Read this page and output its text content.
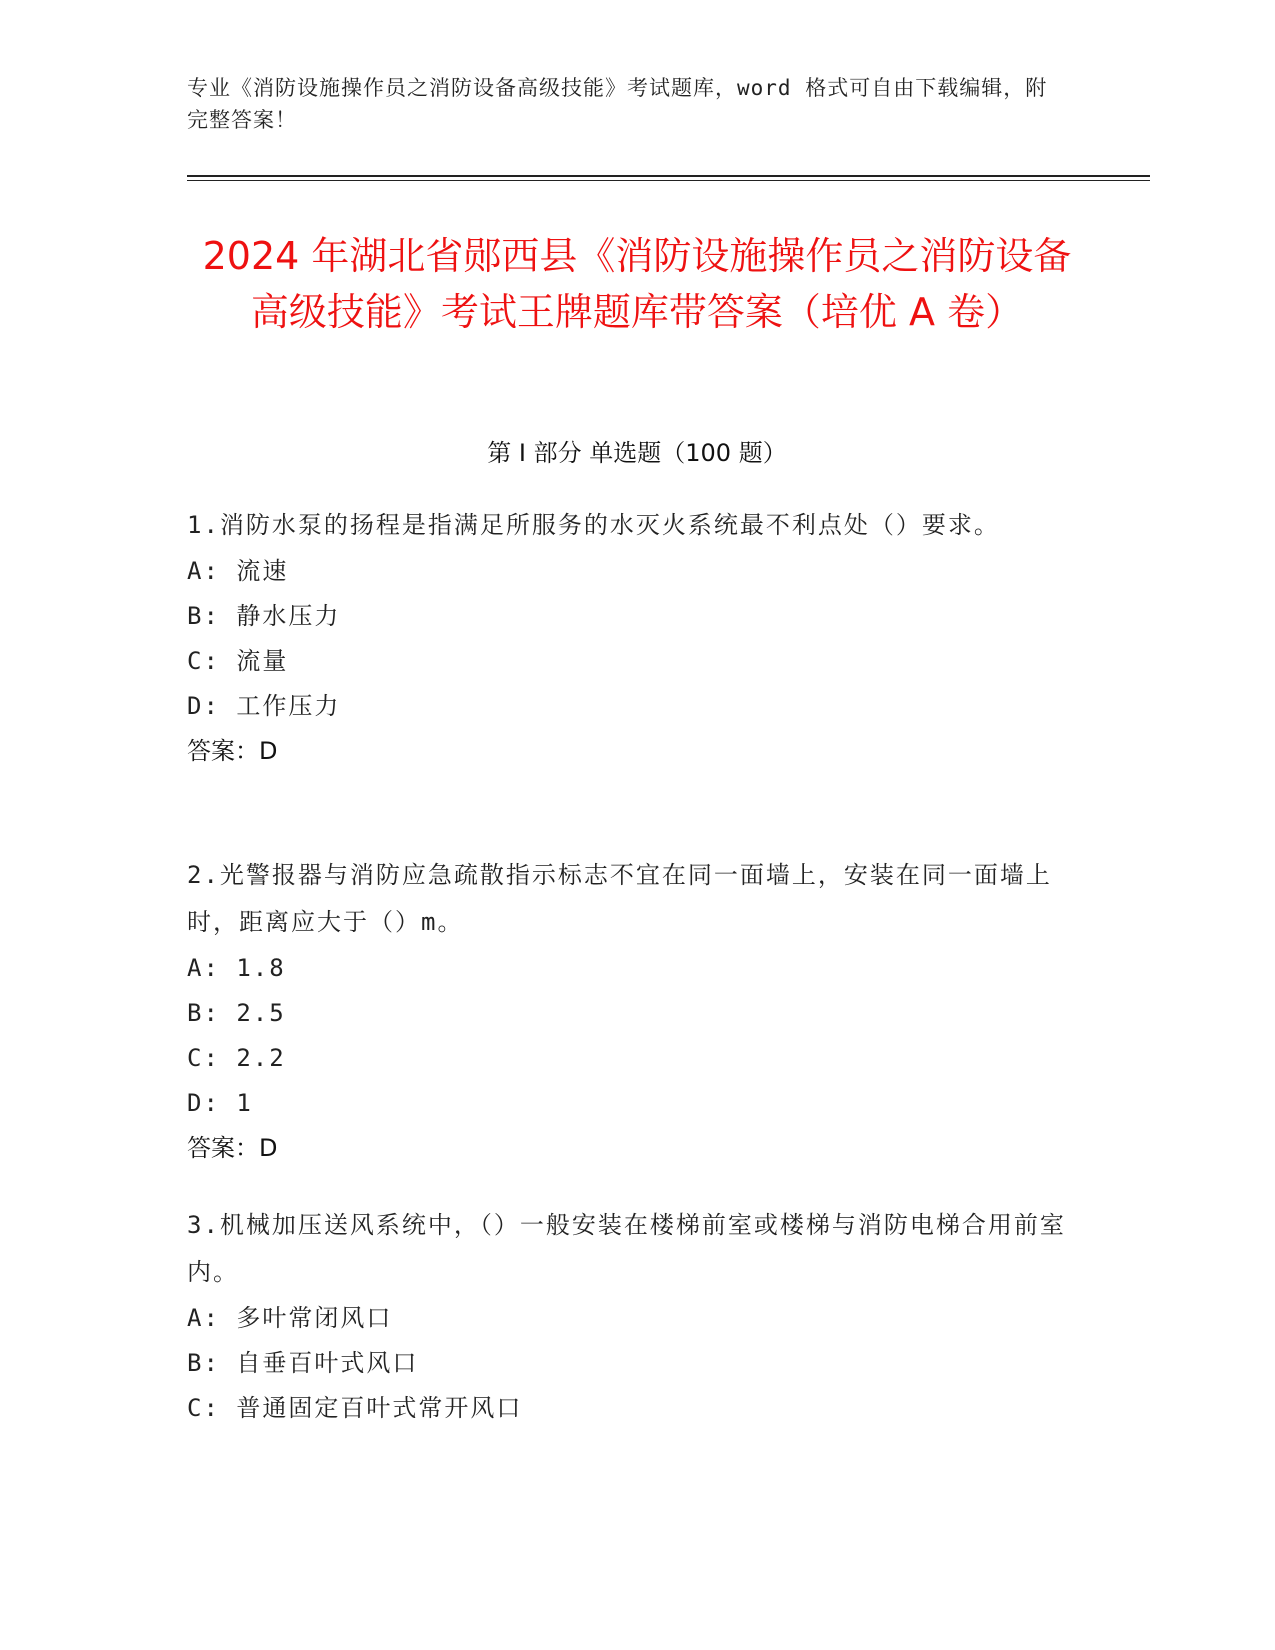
专业《消防设施操作员之消防设备高级技能》考试题库，word 格式可自由下载编辑，附完整答案！
2024 年湖北省郧西县《消防设施操作员之消防设备高级技能》考试王牌题库带答案（培优 A 卷）
第 I 部分 单选题（100 题）
1.消防水泵的扬程是指满足所服务的水灭火系统最不利点处（）要求。
A: 流速
B: 静水压力
C: 流量
D: 工作压力
答案：D
2.光警报器与消防应急疏散指示标志不宜在同一面墙上，安装在同一面墙上时，距离应大于（）m。
A: 1.8
B: 2.5
C: 2.2
D: 1
答案：D
3.机械加压送风系统中，（）一般安装在楼梯前室或楼梯与消防电梯合用前室内。
A: 多叶常闭风口
B: 自垂百叶式风口
C: 普通固定百叶式常开风口
